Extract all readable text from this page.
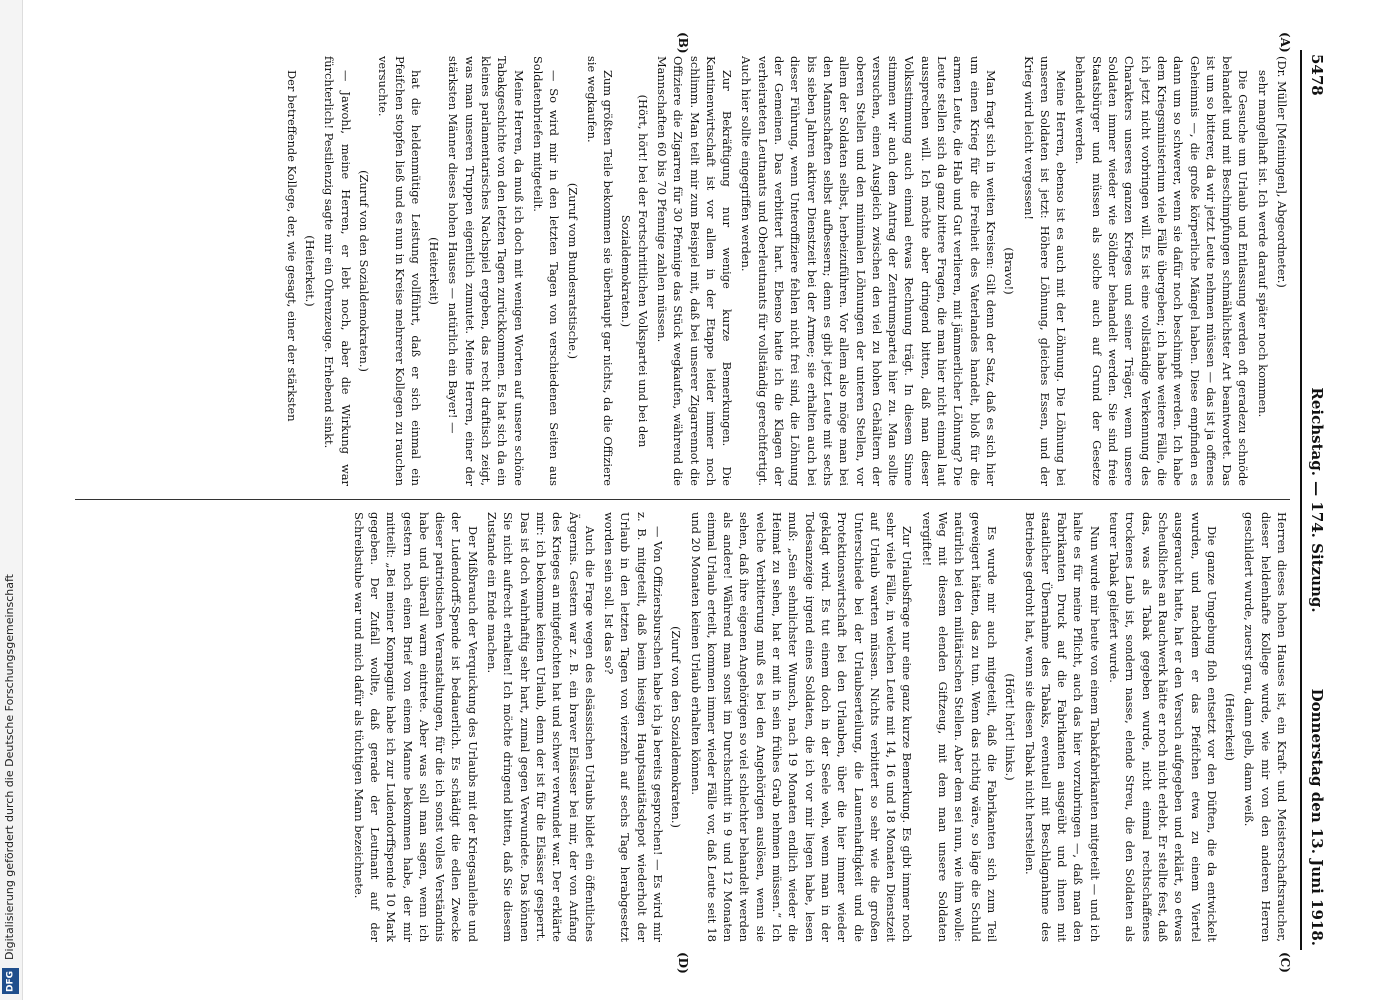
Digitalisierung gefördert durch die Deutsche Forschungsgemeinschaft
DFG
5478
Reichstag. — 174. Sitzung.
Donnerstag den 13. Juni 1918.
(A)
(B)
(C)
(D)

(Dr. Müller [Meiningen], Abgeordneter.)

sehr mangelhaft ist. Ich werde darauf später noch kommen.

Die Gesuche um Urlaub und Entlassung werden oft geradezu schnöde behandelt und mit Beschimpfungen schmählichster Art beantwortet. Das ist um so bitterer, da wir jetzt Leute nehmen müssen — das ist ja offenes Geheimnis —, die große körperliche Mängel haben. Diese empfinden es dann um so schwerer, wenn sie dafür noch beschimpft werden. Ich habe dem Kriegsministerium viele Fälle übergeben; ich habe weitere Fälle, die ich jetzt nicht vorbringen will. Es ist eine vollständige Verkennung des Charakters unseres ganzen Krieges und seiner Träger, wenn unsere Soldaten immer wieder wie Söldner behandelt werden. Sie sind freie Staatsbürger und müssen als solche auch auf Grund der Gesetze behandelt werden.

Meine Herren, ebenso ist es auch mit der Löhnung. Die Löhnung bei unseren Soldaten ist jetzt: Höhere Löhnung, gleiches Essen, und der Krieg wird leicht vergessen!

(Bravo!)

Man fragt sich in weiten Kreisen: Gilt denn der Satz, daß es sich hier um einen Krieg für die Freiheit des Vaterlandes handelt, bloß für die armen Leute, die Hab und Gut verlieren, mit jämmerlicher Löhnung? Die Leute stellen sich da ganz bittere Fragen, die man hier nicht einmal laut aussprechen will. Ich möchte aber dringend bitten, daß man dieser Volksstimmung auch einmal etwas Rechnung trägt. In diesem Sinne stimmen wir auch dem Antrag der Zentrumspartei hier zu. Man sollte versuchen, einen Ausgleich zwischen den viel zu hohen Gehältern der oberen Stellen und den minimalen Löhnungen der unteren Stellen, vor allem der Soldaten selbst, herbeizuführen. Vor allem also möge man bei den Mannschaften selbst aufbessern; denn es gibt jetzt Leute mit sechs bis sieben Jahren aktiver Dienstzeit bei der Armee; sie erhalten auch bei dieser Führung, wenn Unteroffiziere fehlen nicht frei sind, die Löhnung der Gemeinen. Das verbittert hart. Ebenso hatte ich die Klagen der verheirateten Leutnants und Oberleutnants für vollständig gerechtfertigt. Auch hier sollte eingegriffen werden.

Zur Bekräftigung nur wenige kurze Bemerkungen. Die Kantinenwirtschaft ist vor allem in der Etappe leider immer noch schlimm. Man teilt mir zum Beispiel mit, daß bei unserer Zigarrennot die Offiziere die Zigarren für 30 Pfennige das Stück wegkaufen, während die Mannschaften 60 bis 70 Pfennige zahlen müssen.

(Hört, hört! bei der Fortschrittlichen Volkspartei und bei den Sozialdemokraten.)

Zum größten Teile bekommen sie überhaupt gar nichts, da die Offiziere sie wegkaufen.

(Zuruf vom Bundesratstische.)

— So wird mir in den letzten Tagen von verschiedenen Seiten aus Soldatenbriefen mitgeteilt.

Meine Herren, da muß ich doch mit wenigen Worten auf unsere schöne Tabakgeschichte von den letzten Tagen zurückkommen. Es hat sich da ein kleines parlamentarisches Nachspiel ergeben, das recht draftisch zeigt, was man unseren Truppen eigentlich zumutet. Meine Herren, einer der stärksten Männer dieses hohen Hauses — natürlich ein Bayer! —

(Heiterkeit)

hat die heldenmütige Leistung vollführt, daß er sich einmal ein Pfeifchen stopfen ließ und es nun in Kreise mehrerer Kollegen zu rauchen versuchte.

(Zuruf von den Sozialdemokraten.)

— Jawohl, meine Herren, er lebt noch, aber die Wirkung war fürchterlich! Pestilenzig sagte mir ein Ohrenzeuge. Erhebend sinkt.

(Heiterkeit.)

Der betreffende Kollege, der, wie gesagt, einer der stärksten

Herren dieses hohen Hauses ist, ein Kraft- und Meisterschaftsraucher, dieser heldenhafte Kollege wurde, wie mir von den anderen Herren geschildert wurde, zuerst grau, dann gelb, dann weiß.

(Heiterkeit)

Die ganze Umgebung floh entsetzt vor den Düften, die da entwickelt wurden, und nachdem er das Pfeifchen etwa zu einem Viertel ausgeraucht hatte, hat er den Versuch aufgegeben und erklärt, so etwas Scheußliches an Rauchwerk hätte er noch nicht erlebt. Er stellte fest, daß das, was als Tabak gegeben wurde, nicht einmal rechtschaffenes trockenes Laub ist, sondern nasse, elende Streu, die den Soldaten als teurer Tabak geliefert wurde.

Nun wurde mir heute von einem Tabakfabrikanten mitgeteilt — und ich halte es für meine Pflicht, auch das hier vorzubringen —, daß man den Fabrikanten Druck auf die Fabrikanten ausgeübt und ihnen mit staatlicher Übernahme des Tabaks, eventuell mit Beschlagnahme des Betriebes gedroht hat, wenn sie diesen Tabak nicht herstellen.

(Hört! hört! links.)

Es wurde mir auch mitgeteilt, daß die Fabrikanten sich zum Teil geweigert hätten, das zu tun. Wenn das richtig wäre, so läge die Schuld natürlich bei den militärischen Stellen. Aber dem sei nun, wie ihm wolle: Weg mit diesem elenden Giftzeug, mit dem man unsere Soldaten vergiftet!

Zur Urlaubsfrage nur eine ganz kurze Bemerkung. Es gibt immer noch sehr viele Fälle, in welchen Leute mit 14, 16 und 18 Monaten Dienstzeit auf Urlaub warten müssen. Nichts verbittert so sehr wie die großen Unterschiede bei der Urlaubserteilung, die Launenhaftigkeit und die Protektionswirtschaft bei den Urlauben, über die hier immer wieder geklagt wird. Es tut einem doch in der Seele weh, wenn man in der Todesanzeige irgend eines Soldaten, die ich vor mir liegen habe, lesen muß: „Sein sehnlichster Wunsch, nach 19 Monaten endlich wieder die Heimat zu sehen, hat er mit in sein frühes Grab nehmen müssen.“ Ich welche Verbitterung muß es bei den Angehörigen auslösen, wenn sie sehen, daß ihre eigenen Angehörigen so viel schlechter behandelt werden als andere! Während man sonst im Durchschnitt in 9 und 12 Monaten einmal Urlaub erteilt, kommen immer wieder Fälle vor, daß Leute seit 18 und 20 Monaten keinen Urlaub erhalten können.

(Zuruf von den Sozialdemokraten.)

— Von Offiziersburschen habe ich ja bereits gesprochen! — Es wird mir z. B. mitgeteilt, daß beim hiesigen Hauptsanitätsdepot wiederholt der Urlaub in den letzten Tagen von vierzehn auf sechs Tage herabgesetzt worden sein soll. Ist das so?

Auch die Frage wegen des elsässischen Urlaubs bildet ein öffentliches Ärgernis. Gestern war z. B. ein braver Elsässer bei mir, der von Anfang des Krieges an mitgefochten hat und schwer verwundet war. Der erklärte mir: ich bekomme keinen Urlaub, denn der ist für die Elsässer gesperrt. Das ist doch wahrhaftig sehr hart, zumal gegen Verwundete. Das können Sie nicht aufrecht erhalten! Ich möchte dringend bitten, daß Sie diesem Zustande ein Ende machen.

Der Mißbrauch der Verquickung des Urlaubs mit der Kriegsanleihe und der Ludendorff-Spende ist bedauerlich. Es schädigt die edlen Zwecke dieser patriotischen Veranstaltungen, für die ich sonst volles Verständnis habe und überall warm eintrete. Aber was soll man sagen, wenn ich gestern noch einen Brief von einem Manne bekommen habe, der mir mitteilt: „Bei meiner Kompagnie habe ich zur Ludendorffspende 10 Mark gegeben. Der Zufall wollte, daß gerade der Leutnant auf der Schreibstube war und mich dafür als tüchtigen Mann bezeichnete.
